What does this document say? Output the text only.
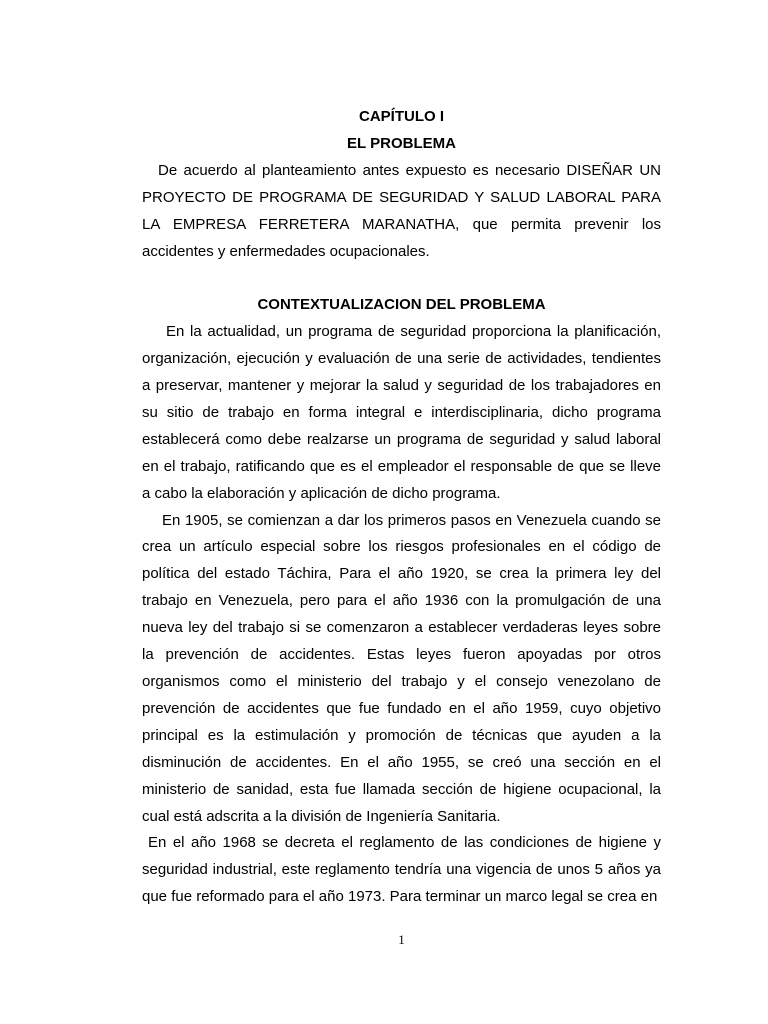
CAPÍTULO I

EL PROBLEMA

De acuerdo al planteamiento antes expuesto es necesario DISEÑAR UN PROYECTO DE PROGRAMA DE SEGURIDAD Y SALUD LABORAL PARA LA EMPRESA FERRETERA MARANATHA, que permita prevenir los accidentes y enfermedades ocupacionales.

CONTEXTUALIZACION DEL PROBLEMA

En la actualidad, un programa de seguridad proporciona la planificación, organización, ejecución y evaluación de una serie de actividades, tendientes a preservar, mantener y mejorar la salud y seguridad de los trabajadores en su sitio de trabajo en forma integral e interdisciplinaria, dicho programa establecerá como debe realzarse un programa de seguridad y salud laboral en el trabajo, ratificando que es el empleador el responsable de que se lleve a cabo la elaboración y aplicación de dicho programa.

En 1905, se comienzan a dar los primeros pasos en Venezuela cuando se crea un artículo especial sobre los riesgos profesionales en el código de política del estado Táchira, Para el año 1920, se crea la primera ley del trabajo en Venezuela, pero para el año 1936 con la promulgación de una nueva ley del trabajo si se comenzaron a establecer verdaderas leyes sobre la prevención de accidentes. Estas leyes fueron apoyadas por otros organismos como el ministerio del trabajo y el consejo venezolano de prevención de accidentes que fue fundado en el año 1959, cuyo objetivo principal es la estimulación y promoción de técnicas que ayuden a la disminución de accidentes. En el año 1955, se creó una sección en el ministerio de sanidad, esta fue llamada sección de higiene ocupacional, la cual está adscrita a la división de Ingeniería Sanitaria.

En el año 1968 se decreta el reglamento de las condiciones de higiene y seguridad industrial, este reglamento tendría una vigencia de unos 5 años ya que fue reformado para el año 1973. Para terminar un marco legal se crea en

1
